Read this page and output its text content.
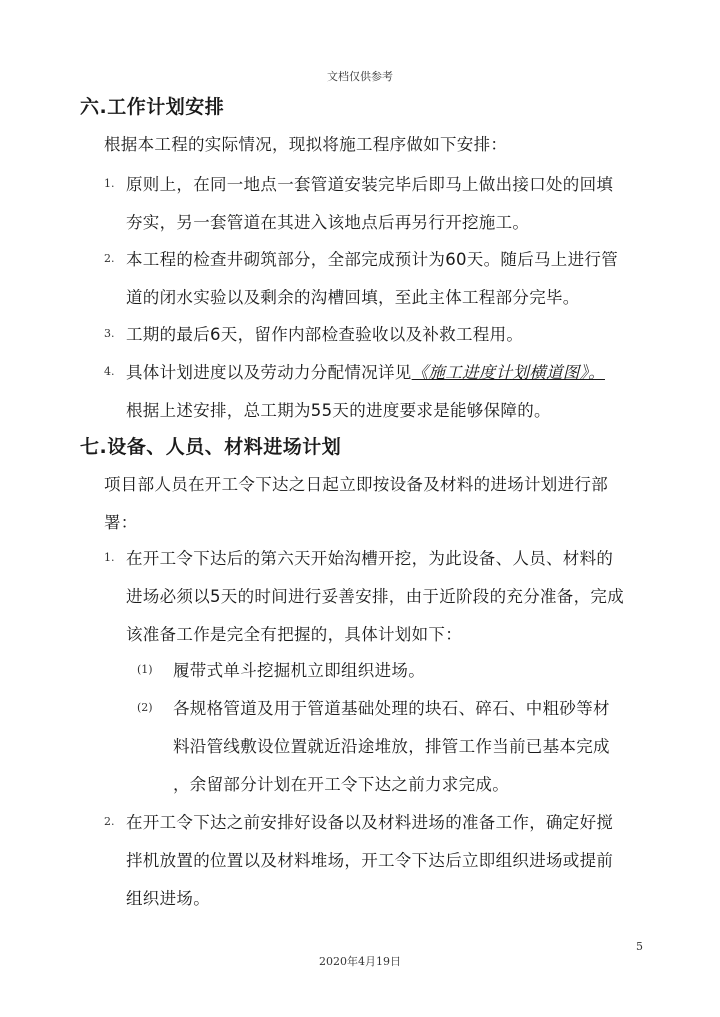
文档仅供参考
六.工作计划安排
根据本工程的实际情况，现拟将施工程序做如下安排：
1. 原则上，在同一地点一套管道安装完毕后即马上做出接口处的回填
夯实，另一套管道在其进入该地点后再另行开挖施工。
2. 本工程的检查井砌筑部分，全部完成预计为60天。随后马上进行管
道的闭水实验以及剩余的沟槽回填，至此主体工程部分完毕。
3. 工期的最后6天，留作内部检查验收以及补救工程用。
4. 具体计划进度以及劳动力分配情况详见《施工进度计划横道图》。
根据上述安排，总工期为55天的进度要求是能够保障的。
七.设备、人员、材料进场计划
项目部人员在开工令下达之日起立即按设备及材料的进场计划进行部
署：
1. 在开工令下达后的第六天开始沟槽开挖，为此设备、人员、材料的
进场必须以5天的时间进行妥善安排，由于近阶段的充分准备，完成
该准备工作是完全有把握的，具体计划如下：
(1) 履带式单斗挖掘机立即组织进场。
(2) 各规格管道及用于管道基础处理的块石、碎石、中粗砂等材
料沿管线敷设位置就近沿途堆放，排管工作当前已基本完成
，余留部分计划在开工令下达之前力求完成。
2. 在开工令下达之前安排好设备以及材料进场的准备工作，确定好搅
拌机放置的位置以及材料堆场，开工令下达后立即组织进场或提前
组织进场。
5
2020年4月19日
